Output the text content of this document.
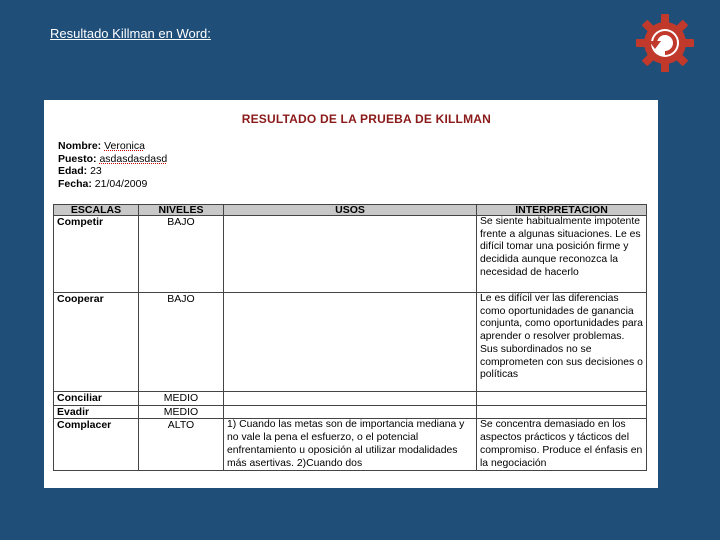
Resultado Killman en Word:
RESULTADO DE LA PRUEBA DE KILLMAN
Nombre: Veronica
Puesto: asdasdasdasd
Edad: 23
Fecha: 21/04/2009
ESCALAS	NIVELES	USOS	INTERPRETACION
Competir	BAJO		Se siente habitualmente impotente frente a algunas situaciones. Le es difícil tomar una posición firme y decidida aunque reconozca la necesidad de hacerlo
Cooperar	BAJO		Le es difícil ver las diferencias como oportunidades de ganancia conjunta, como oportunidades para aprender o resolver problemas. Sus subordinados no se comprometen con sus decisiones o políticas
Conciliar	MEDIO		
Evadir	MEDIO		
Complacer	ALTO	1) Cuando las metas son de importancia mediana y no vale la pena el esfuerzo, o el potencial enfrentamiento u oposición al utilizar modalidades más asertivas. 2)Cuando dos	Se concentra demasiado en los aspectos prácticos y tácticos del compromiso. Produce el énfasis en la negociación
